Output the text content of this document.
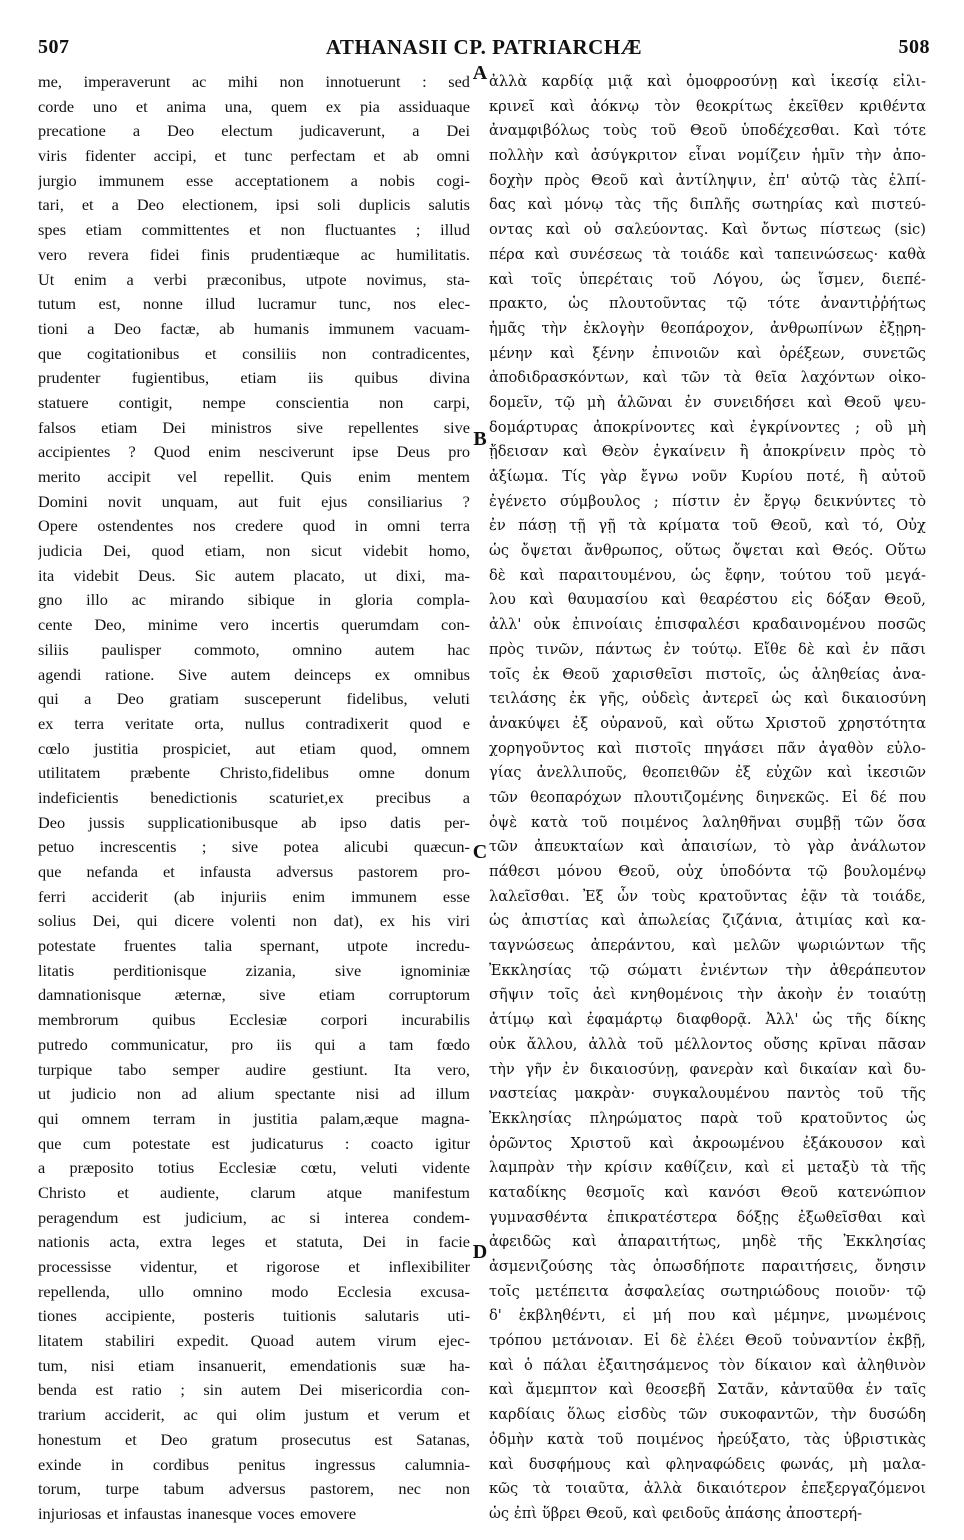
507	ATHANASII CP. PATRIARCHÆ	508
me, imperaverunt ac mihi non innotuerunt : sed
corde uno et anima una, quem ex pia assiduaque
precatione a Deo electum judicaverunt, a Dei
viris fidenter accipi, et tunc perfectam et ab omni
jurgio immunem esse acceptationem a nobis cogi-
tari, et a Deo electionem, ipsi soli duplicis salutis
spes etiam committentes et non fluctuantes ; illud
vero revera fidei finis prudentiæque ac humilitatis.
Ut enim a verbi præconibus, utpote novimus, sta-
tutum est, nonne illud lucramur tunc, nos elec-
tioni a Deo factæ, ab humanis immunem vacuam-
que cogitationibus et consiliis non contradicentes,
prudenter fugientibus, etiam iis quibus divina
statuere contigit, nempe conscientia non carpi,
falsos etiam Dei ministros sive repellentes sive
accipientes ? Quod enim nesciverunt ipse Deus pro
merito accipit vel repellit. Quis enim mentem
Domini novit unquam, aut fuit ejus consiliarius ?
Opere ostendentes nos credere quod in omni terra
judicia Dei, quod etiam, non sicut videbit homo,
ita videbit Deus. Sic autem placato, ut dixi, ma-
gno illo ac mirando sibique in gloria compla-
cente Deo, minime vero incertis querumdam con-
siliis paulisper commoto, omnino autem hac
agendi ratione. Sive autem deinceps ex omnibus
qui a Deo gratiam susceperunt fidelibus, veluti
ex terra veritate orta, nullus contradixerit quod e
cœlo justitia prospiciet, aut etiam quod, omnem
utilitatem præbente Christo,fidelibus omne donum
indeficientis benedictionis scaturiet,ex precibus a
Deo jussis supplicationibusque ab ipso datis per-
petuo increscentis ; sive potea alicubi quæcun-
que nefanda et infausta adversus pastorem pro-
ferri acciderit (ab injuriis enim immunem esse
solius Dei, qui dicere volenti non dat), ex his viri
potestate fruentes talia spernant, utpote incredu-
litatis perditionisque zizania, sive ignominiæ
damnationisque æternæ, sive etiam corruptorum
membrorum quibus Ecclesiæ corpori incurabilis
putredo communicatur, pro iis qui a tam fœdo
turpique tabo semper audire gestiunt. Ita vero,
ut judicio non ad alium spectante nisi ad illum
qui omnem terram in justitia palam,æque magna-
que cum potestate est judicaturus : coacto igitur
a præposito totius Ecclesiæ cœtu, veluti vidente
Christo et audiente, clarum atque manifestum
peragendum est judicium, ac si interea condem-
nationis acta, extra leges et statuta, Dei in facie
processisse videntur, et rigorose et inflexibiliter
repellenda, ullo omnino modo Ecclesia excusa-
tiones accipiente, posteris tuitionis salutaris uti-
litatem stabiliri expedit. Quoad autem virum ejec-
tum, nisi etiam insanuerit, emendationis suæ ha-
benda est ratio ; sin autem Dei misericordia con-
trarium acciderit, ac qui olim justum et verum et
honestum et Deo gratum prosecutus est Satanas,
exinde in cordibus penitus ingressus calumnia-
torum, turpe tabum adversus pastorem, nec non
injuriosas et infaustas inanesque voces emovere
ἀλλὰ καρδίᾳ μιᾷ καὶ ὁμοφροσύνῃ καὶ ἱκεσίᾳ εἰλι-
κρινεῖ καὶ ἀόκνῳ τὸν θεοκρίτως ἐκεῖθεν κριθέντα
ἀναμφιβόλως τοὺς τοῦ Θεοῦ ὑποδέχεσθαι. Καὶ τότε
πολλὴν καὶ ἀσύγκριτον εἶναι νομίζειν ἡμῖν τὴν ἀπο-
δοχὴν πρὸς Θεοῦ καὶ ἀντίληψιν, ἐπ' αὐτῷ τὰς ἐλπί-
δας καὶ μόνῳ τὰς τῆς διπλῆς σωτηρίας καὶ πιστεύ-
οντας καὶ οὐ σαλεύοντας. Καὶ ὄντως πίστεως (sic)
πέρα καὶ συνέσεως τὰ τοιάδε καὶ ταπεινώσεως· καθὰ
καὶ τοῖς ὑπερέταις τοῦ Λόγου, ὡς ἴσμεν, διεπέ-
πρακτο, ὡς πλουτοῦντας τῷ τότε ἀναντιῤῥήτως
ἡμᾶς τὴν ἐκλογὴν θεοπάροχον, ἀνθρωπίνων ἐξῃρη-
μένην καὶ ξένην ἐπινοιῶν καὶ ὀρέξεων, συνετῶς
ἀποδιδρασκόντων, καὶ τῶν τὰ θεῖα λαχόντων οἰκο-
δομεῖν, τῷ μὴ ἁλῶναι ἐν συνειδήσει καὶ Θεοῦ ψευ-
δομάρτυρας ἀποκρίνοντες καὶ ἐγκρίνοντες ; οὓ μὴ
ᾔδεισαν καὶ Θεὸν ἐγκαίνειν ἢ ἀποκρίνειν πρὸς τὸ
ἀξίωμα. Τίς γὰρ ἔγνω νοῦν Κυρίου ποτέ, ἢ αὐτοῦ
ἐγένετο σύμβουλος ; πίστιν ἐν ἔργῳ δεικνύντες τὸ
ἐν πάσῃ τῇ γῇ τὰ κρίματα τοῦ Θεοῦ, καὶ τό, Οὐχ
ὡς ὄψεται ἄνθρωπος, οὕτως ὄψεται καὶ Θεός. Οὕτω
δὲ καὶ παραιτουμένου, ὡς ἔφην, τούτου τοῦ μεγά-
λου καὶ θαυμασίου καὶ θεαρέστου εἰς δόξαν Θεοῦ,
ἀλλ' οὐκ ἐπινοίαις ἐπισφαλέσι κραδαινομένου ποσῶς
πρὸς τινῶν, πάντως ἐν τούτῳ. Εἴθε δὲ καὶ ἐν πᾶσι
τοῖς ἐκ Θεοῦ χαρισθεῖσι πιστοῖς, ὡς ἀληθείας ἀνα-
τειλάσης ἐκ γῆς, οὐδεὶς ἀντερεῖ ὡς καὶ δικαιοσύνη
ἀνακύψει ἐξ οὐρανοῦ, καὶ οὕτω Χριστοῦ χρηστότητα
χορηγοῦντος καὶ πιστοῖς πηγάσει πᾶν ἀγαθὸν εὐλο-
γίας ἀνελλιποῦς, θεοπειθῶν ἐξ εὐχῶν καὶ ἱκεσιῶν
τῶν θεοπαρόχων πλουτιζομένης διηνεκῶς. Εἰ δέ που
ὀψὲ κατὰ τοῦ ποιμένος λαληθῆναι συμβῇ τῶν ὅσα
τῶν ἀπευκταίων καὶ ἀπαισίων, τὸ γὰρ ἀνάλωτον
πάθεσι μόνου Θεοῦ, οὐχ ὑποδόντα τῷ βουλομένῳ
λαλεῖσθαι. Ἐξ ὧν τοὺς κρατοῦντας ἐᾷν τὰ τοιάδε,
ὡς ἀπιστίας καὶ ἀπωλείας ζιζάνια, ἀτιμίας καὶ κα-
ταγνώσεως ἀπεράντου, καὶ μελῶν ψωριώντων τῆς
Ἐκκλησίας τῷ σώματι ἐνιέντων τὴν ἀθεράπευτον
σῆψιν τοῖς ἀεὶ κνηθομένοις τὴν ἀκοὴν ἐν τοιαύτῃ
ἀτίμῳ καὶ ἐφαμάρτῳ διαφθορᾷ. Ἀλλ' ὡς τῆς δίκης
οὐκ ἄλλου, ἀλλὰ τοῦ μέλλοντος οὔσης κρῖναι πᾶσαν
τὴν γῆν ἐν δικαιοσύνῃ, φανερὰν καὶ δικαίαν καὶ δυ-
ναστείας μακρὰν· συγκαλουμένου παντὸς τοῦ τῆς
Ἐκκλησίας πληρώματος παρὰ τοῦ κρατοῦντος ὡς
ὁρῶντος Χριστοῦ καὶ ἀκροωμένου ἐξάκουσον καὶ
λαμπρὰν τὴν κρίσιν καθίζειν, καὶ εἰ μεταξὺ τὰ τῆς
καταδίκης θεσμοῖς καὶ κανόσι Θεοῦ κατενώπιον
γυμνασθέντα ἐπικρατέστερα δόξῃς ἐξωθεῖσθαι καὶ
ἀφειδῶς καὶ ἀπαραιτήτως, μηδὲ τῆς Ἐκκλησίας
ἀσμενιζούσης τὰς ὁπωσδήποτε παραιτήσεις, ὄνησιν
τοῖς μετέπειτα ἀσφαλείας σωτηριώδους ποιοῦν· τῷ
δ' ἐκβληθέντι, εἰ μή που καὶ μέμηνε, μνωμένοις
τρόπου μετάνοιαν. Εἰ δὲ ἐλέει Θεοῦ τοὐναντίον ἐκβῇ,
καὶ ὁ πάλαι ἐξαιτησάμενος τὸν δίκαιον καὶ ἀληθινὸν
καὶ ἄμεμπτον καὶ θεοσεβῆ Σατᾶν, κἀνταῦθα ἐν ταῖς
καρδίαις ὅλως εἰσδὺς τῶν συκοφαντῶν, τὴν δυσώδη
ὀδμὴν κατὰ τοῦ ποιμένος ἠρεύξατο, τὰς ὑβριστικὰς
καὶ δυσφήμους καὶ φληναφώδεις φωνάς, μὴ μαλα-
κῶς τὰ τοιαῦτα, ἀλλὰ δικαιότερον ἐπεξεργαζόμενοι
ὡς ἐπὶ ὕβρει Θεοῦ, καὶ φειδοῦς ἁπάσης ἀποστερή-
A
B
C
D
